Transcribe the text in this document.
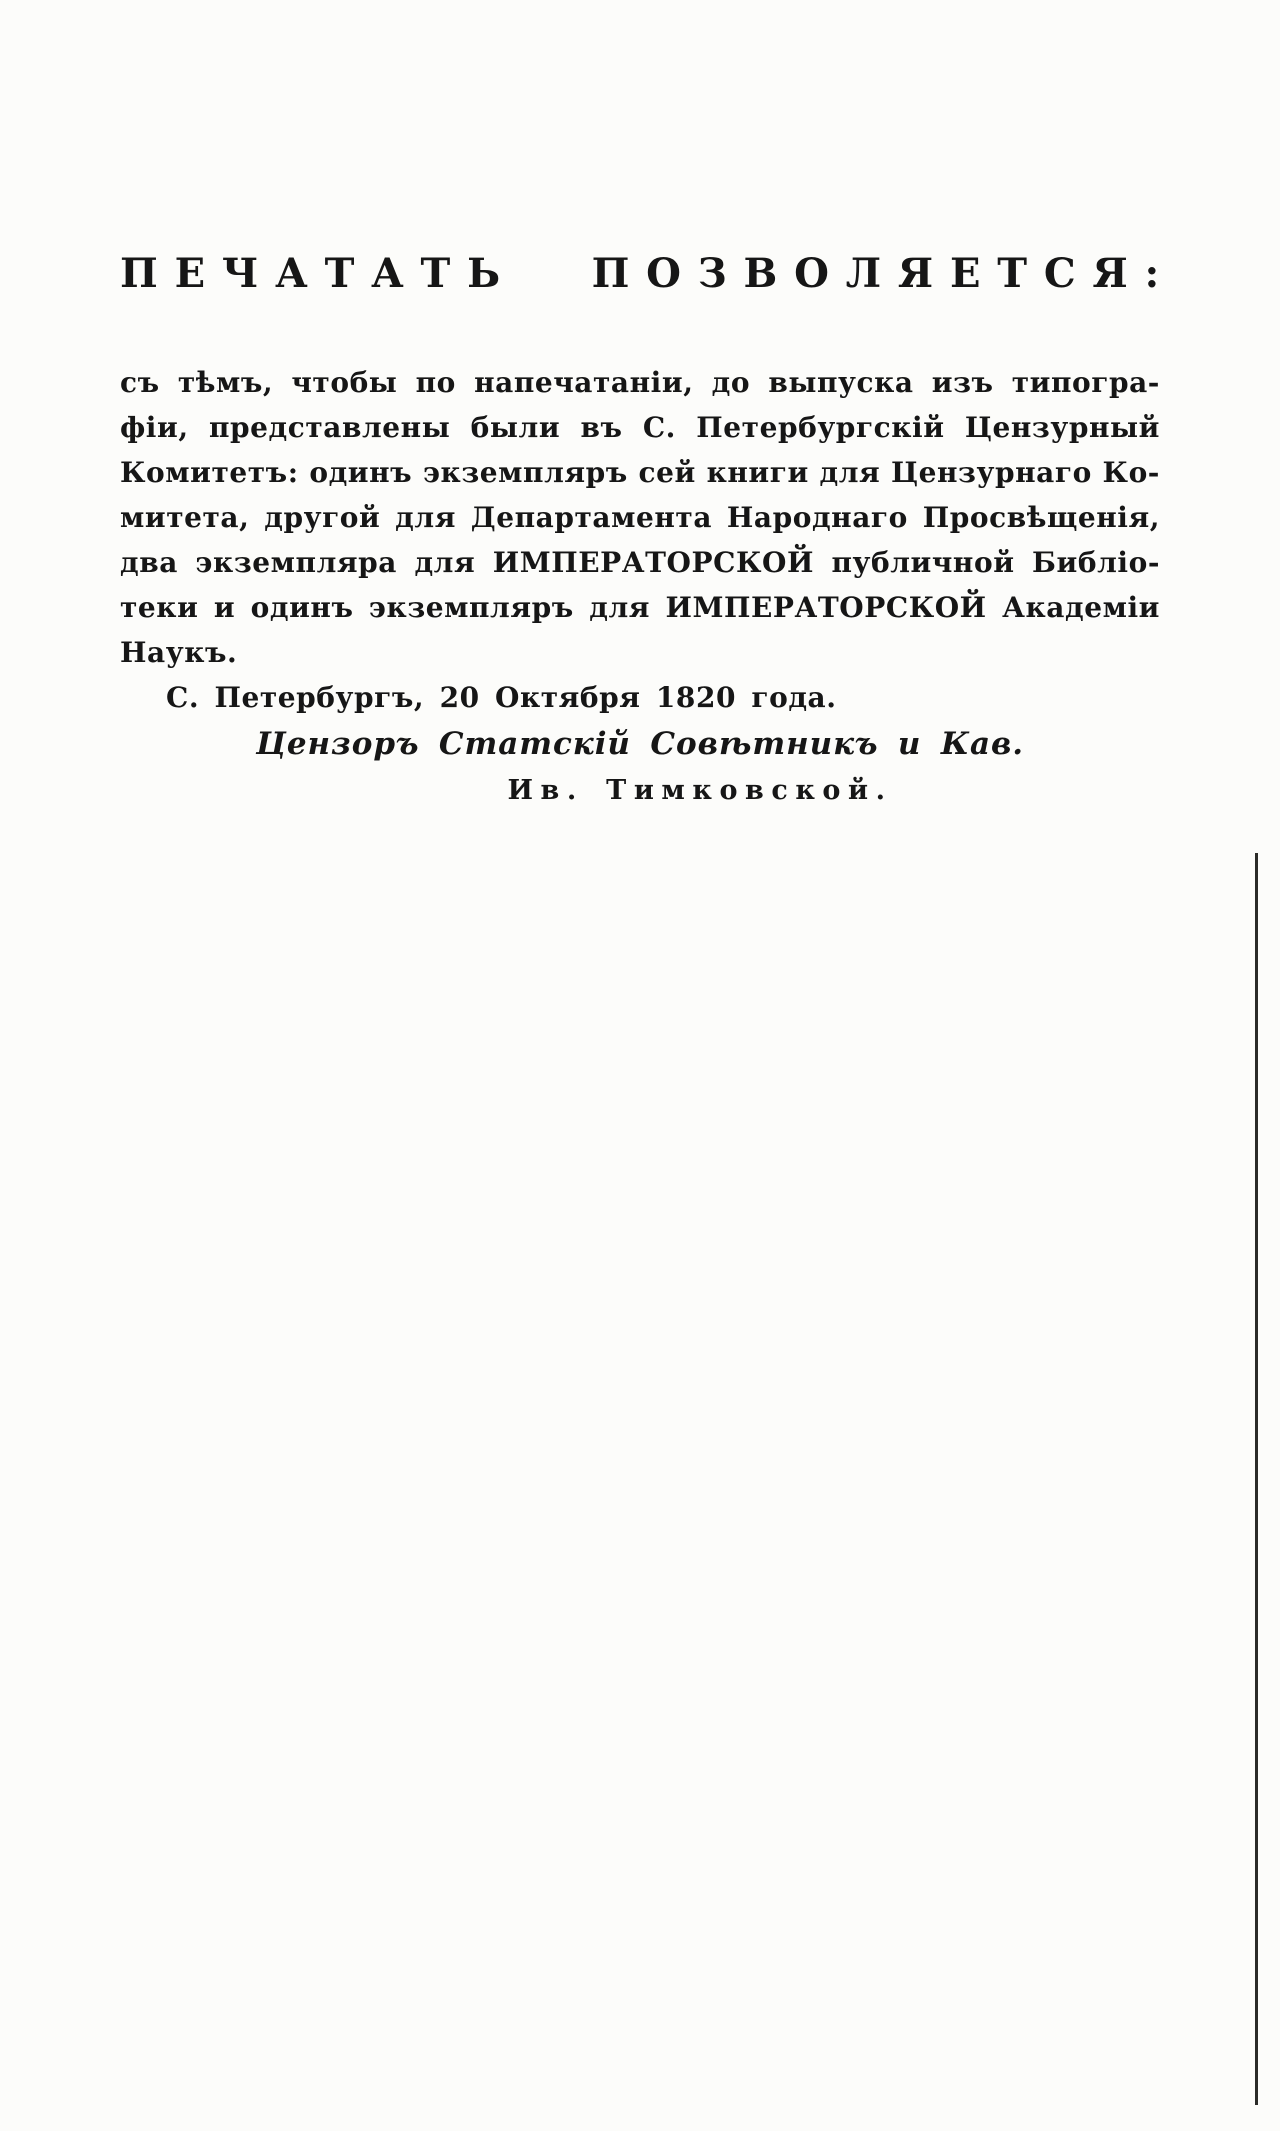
ПЕЧАТАТЬ ПОЗВОЛЯЕТСЯ:
съ тѣмъ, чтобы по напечатаніи, до выпуска изъ типогра-
фіи, представлены были въ С. Петербургскій Цензурный
Комитетъ: одинъ экземпляръ сей книги для Цензурнаго Ко-
митета, другой для Департамента Народнаго Просвѣщенія,
два экземпляра для ИМПЕРАТОРСКОЙ публичной Библіо-
теки и одинъ экземпляръ для ИМПЕРАТОРСКОЙ Академіи
Наукъ.
С. Петербургъ, 20 Октября 1820 года.
Цензоръ Статскій Совѣтникъ и Кав.
Ив. Тимковской.
